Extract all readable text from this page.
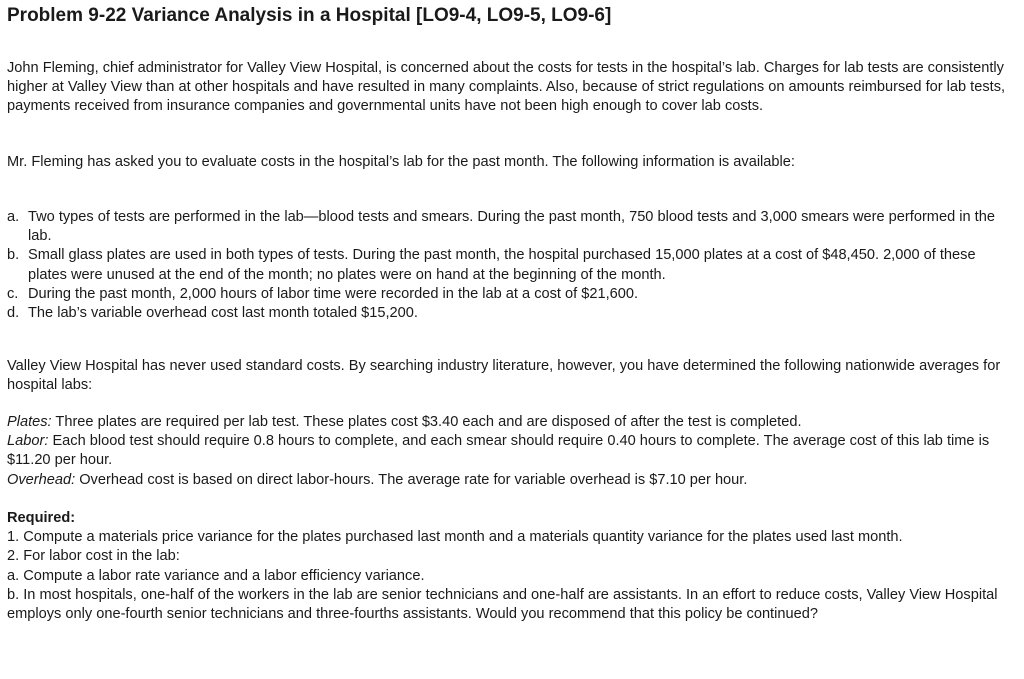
Problem 9-22 Variance Analysis in a Hospital [LO9-4, LO9-5, LO9-6]

John Fleming, chief administrator for Valley View Hospital, is concerned about the costs for tests in the hospital’s lab. Charges for lab tests are consistently higher at Valley View than at other hospitals and have resulted in many complaints. Also, because of strict regulations on amounts reimbursed for lab tests, payments received from insurance companies and governmental units have not been high enough to cover lab costs.

Mr. Fleming has asked you to evaluate costs in the hospital’s lab for the past month. The following information is available:

a. Two types of tests are performed in the lab—blood tests and smears. During the past month, 750 blood tests and 3,000 smears were performed in the lab.
b. Small glass plates are used in both types of tests. During the past month, the hospital purchased 15,000 plates at a cost of $48,450. 2,000 of these plates were unused at the end of the month; no plates were on hand at the beginning of the month.
c. During the past month, 2,000 hours of labor time were recorded in the lab at a cost of $21,600.
d. The lab’s variable overhead cost last month totaled $15,200.

Valley View Hospital has never used standard costs. By searching industry literature, however, you have determined the following nationwide averages for hospital labs:

Plates: Three plates are required per lab test. These plates cost $3.40 each and are disposed of after the test is completed.

Labor: Each blood test should require 0.8 hours to complete, and each smear should require 0.40 hours to complete. The average cost of this lab time is $11.20 per hour.

Overhead: Overhead cost is based on direct labor-hours. The average rate for variable overhead is $7.10 per hour.

Required:

1. Compute a materials price variance for the plates purchased last month and a materials quantity variance for the plates used last month.

2. For labor cost in the lab:

a. Compute a labor rate variance and a labor efficiency variance.

b. In most hospitals, one-half of the workers in the lab are senior technicians and one-half are assistants. In an effort to reduce costs, Valley View Hospital employs only one-fourth senior technicians and three-fourths assistants. Would you recommend that this policy be continued?
